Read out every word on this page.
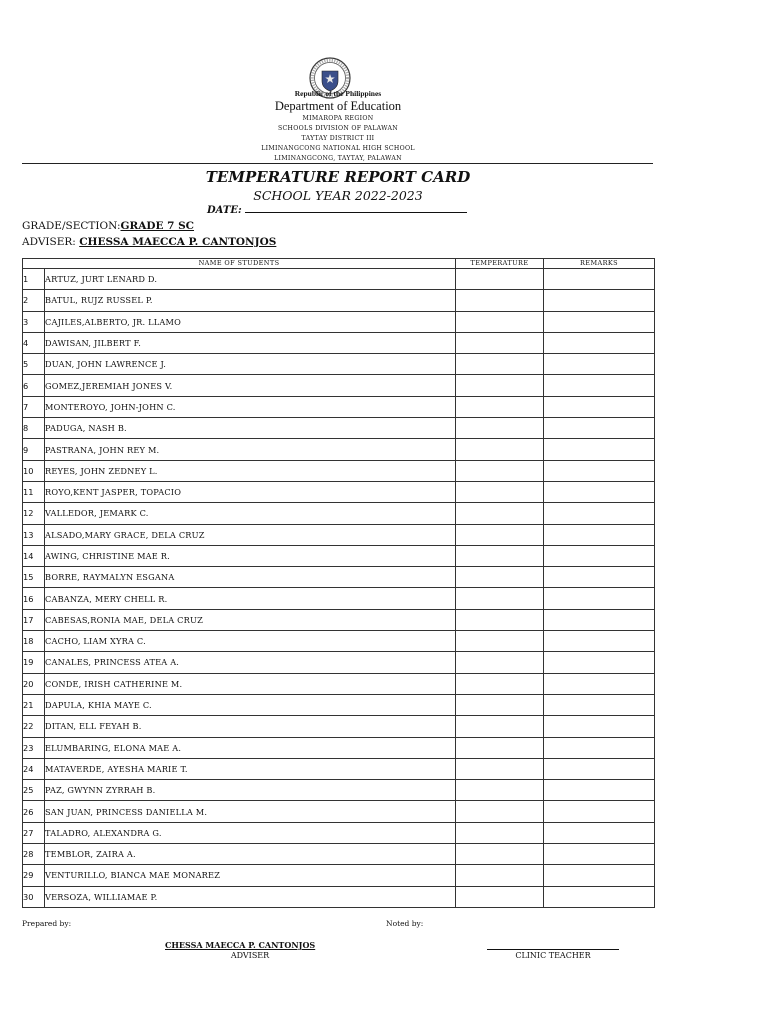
Republic of the Philippines
Department of Education
MIMAROPA REGION
SCHOOLS DIVISION OF PALAWAN
TAYTAY DISTRICT III
LIMINANGCONG NATIONAL HIGH SCHOOL
LIMINANGCONG, TAYTAY, PALAWAN
TEMPERATURE REPORT CARD
SCHOOL YEAR 2022-2023
DATE:
GRADE/SECTION:GRADE 7 SC
ADVISER: CHESSA MAECCA P. CANTONJOS
NAME OF STUDENTS		TEMPERATURE	REMARKS
1	ARTUZ, JURT LENARD D.		
2	BATUL, RUJZ RUSSEL P.		
3	CAJILES,ALBERTO, JR. LLAMO		
4	DAWISAN, JILBERT F.		
5	DUAN, JOHN LAWRENCE J.		
6	GOMEZ,JEREMIAH JONES V.		
7	MONTEROYO, JOHN-JOHN C.		
8	PADUGA, NASH B.		
9	PASTRANA, JOHN REY M.		
10	REYES, JOHN ZEDNEY L.		
11	ROYO,KENT JASPER, TOPACIO		
12	VALLEDOR, JEMARK C.		
13	ALSADO,MARY GRACE, DELA CRUZ		
14	AWING, CHRISTINE MAE R.		
15	BORRE, RAYMALYN ESGANA		
16	CABANZA, MERY CHELL R.		
17	CABESAS,RONIA MAE, DELA CRUZ		
18	CACHO, LIAM XYRA C.		
19	CANALES, PRINCESS ATEA A.		
20	CONDE, IRISH CATHERINE M.		
21	DAPULA, KHIA MAYE C.		
22	DITAN, ELL FEYAH B.		
23	ELUMBARING, ELONA MAE A.		
24	MATAVERDE, AYESHA MARIE T.		
25	PAZ, GWYNN ZYRRAH B.		
26	SAN JUAN, PRINCESS DANIELLA M.		
27	TALADRO, ALEXANDRA G.		
28	TEMBLOR, ZAIRA A.		
29	VENTURILLO, BIANCA MAE MONAREZ		
30	VERSOZA, WILLIAMAE P.		
Prepared by:	Noted by:
CHESSA MAECCA P. CANTONJOS
ADVISER	CLINIC TEACHER
